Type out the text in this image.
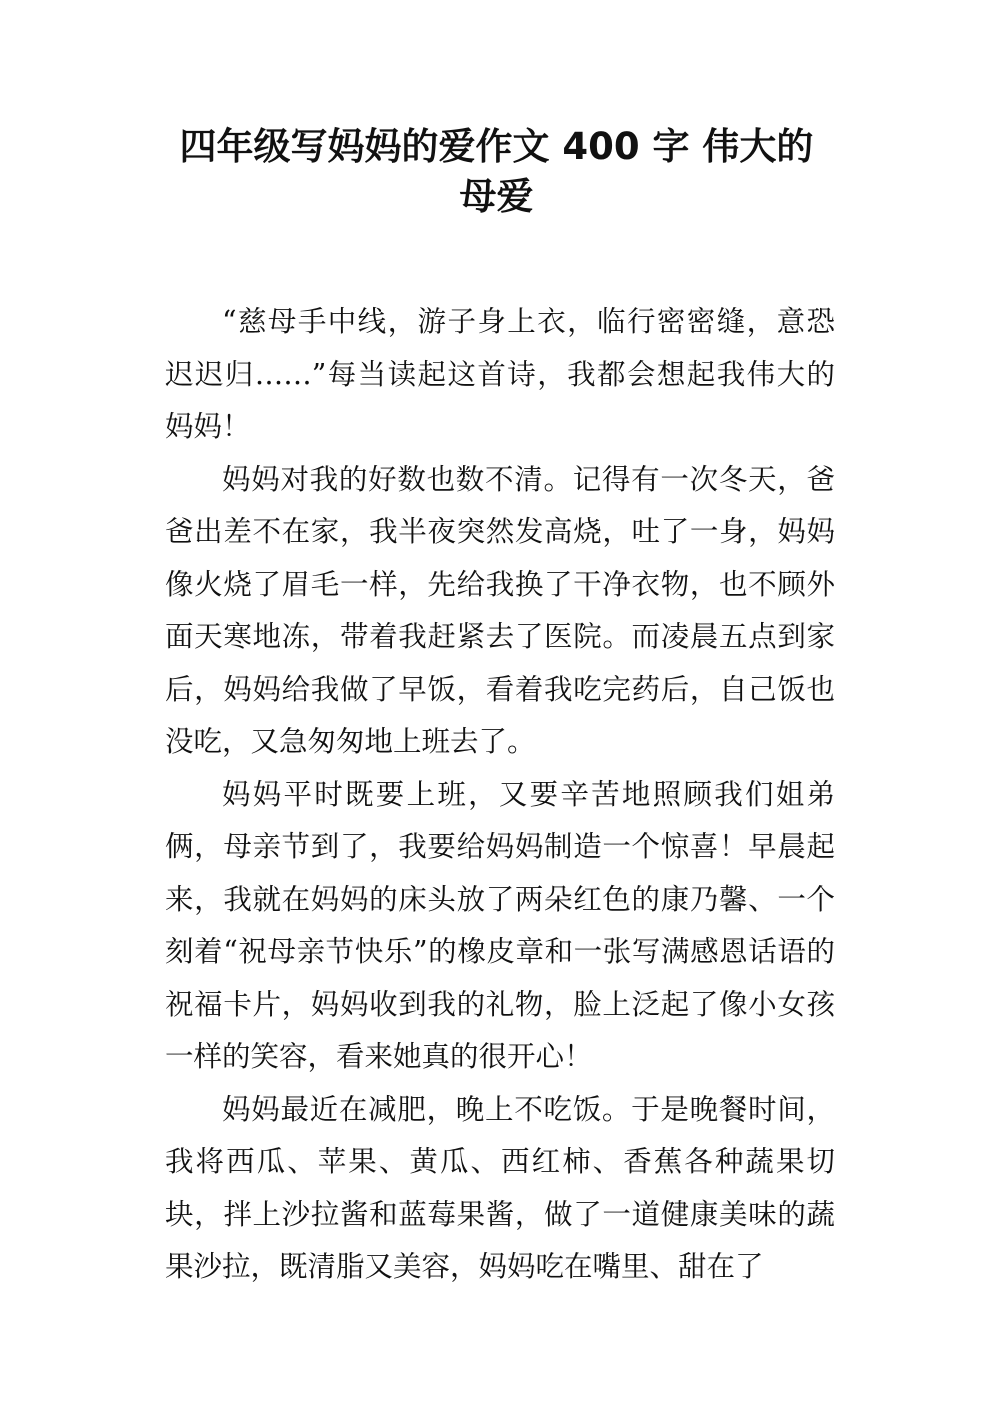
四年级写妈妈的爱作文 400 字 伟大的
母爱

“慈母手中线，游子身上衣，临行密密缝，意恐迟迟归……”每当读起这首诗，我都会想起我伟大的妈妈！

妈妈对我的好数也数不清。记得有一次冬天，爸爸出差不在家，我半夜突然发高烧，吐了一身，妈妈像火烧了眉毛一样，先给我换了干净衣物，也不顾外面天寒地冻，带着我赶紧去了医院。而凌晨五点到家后，妈妈给我做了早饭，看着我吃完药后，自己饭也没吃，又急匆匆地上班去了。

妈妈平时既要上班，又要辛苦地照顾我们姐弟俩，母亲节到了，我要给妈妈制造一个惊喜！早晨起来，我就在妈妈的床头放了两朵红色的康乃馨、一个刻着“祝母亲节快乐”的橡皮章和一张写满感恩话语的祝福卡片，妈妈收到我的礼物，脸上泛起了像小女孩一样的笑容，看来她真的很开心！

妈妈最近在减肥，晚上不吃饭。于是晚餐时间，我将西瓜、苹果、黄瓜、西红柿、香蕉各种蔬果切块，拌上沙拉酱和蓝莓果酱，做了一道健康美味的蔬果沙拉，既清脂又美容，妈妈吃在嘴里、甜在了
